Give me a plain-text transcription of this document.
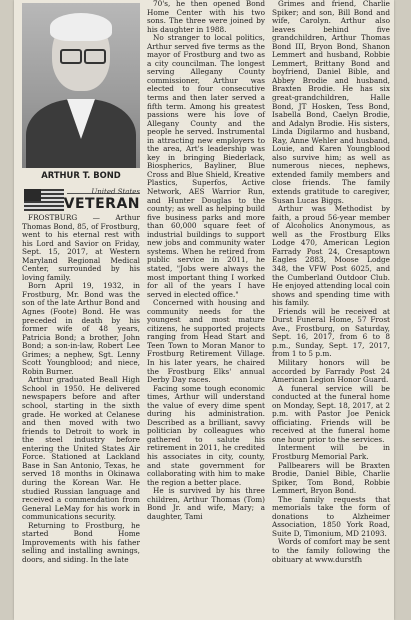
ARTHUR T. BOND
United States
VETERAN

FROSTBURG — Arthur Thomas Bond, 85, of Frostburg, went to his eternal rest with his Lord and Savior on Friday, Sept. 15, 2017, at Western Maryland Regional Medical Center, surrounded by his loving family.

Born April 19, 1932, in Frostburg, Mr. Bond was the son of the late Arthur Bond and Agnes (Foote) Bond. He was preceded in death by his former wife of 48 years, Patricia Bond; a brother, John Bond; a son-in-law, Robert Lee Grimes; a nephew, Sgt. Lenny Scott Youngblood; and niece, Robin Burner.

Arthur graduated Beall High School in 1950. He delivered newspapers before and after school, starting in the sixth grade. He worked at Celanese and then moved with two friends to Detroit to work in the steel industry before entering the United States Air Force. Stationed at Lackland Base in San Antonio, Texas, he served 18 months in Okinawa during the Korean War. He studied Russian language and received a commendation from General LeMay for his work in communications security.

Returning to Frostburg, he started Bond Home Improvements with his father selling and installing awnings, doors, and siding. In the late

70's, he then opened Bond Home Center with his two sons. The three were joined by his daughter in 1988.

No stranger to local politics, Arthur served five terms as the mayor of Frostburg and two as a city councilman. The longest serving Allegany County commissioner, Arthur was elected to four consecutive terms and then later served a fifth term. Among his greatest passions were his love of Allegany County and the people he served. Instrumental in attracting new employers to the area, Art's leadership was key in bringing Biederlack, Biospherics, Bayliner, Blue Cross and Blue Shield, Kreative Plastics, Superfos, Active Network, AES Warrior Run, and Hunter Douglas to the county; as well as helping build five business parks and more than 60,000 square feet of industrial buildings to support new jobs and community water systems. When he retired from public service in 2011, he stated, "Jobs were always the most important thing I worked for all of the years I have served in elected office."

Concerned with housing and community needs for the youngest and most mature citizens, he supported projects ranging from Head Start and Teen Town to Moran Manor to Frostburg Retirement Village. In his later years, he chaired the Frostburg Elks' annual Derby Day races.

Facing some tough economic times, Arthur will understand the value of every dime spent during his administration. Described as a brilliant, savvy politician by colleagues who gathered to salute his retirement in 2011, he credited his associates in city, county, and state government for collaborating with him to make the region a better place.

He is survived by his three children, Arthur Thomas (Tom) Bond Jr. and wife, Mary; a daughter, Tami

Grimes and friend, Charlie Spiker; and son, Bill Bond and wife, Carolyn. Arthur also leaves behind five grandchildren, Arthur Thomas Bond III, Bryon Bond, Shanon Lemmert and husband, Robbie Lemmert, Brittany Bond and boyfriend, Daniel Bible, and Abbey Brodie and husband, Braxten Brodie. He has six great-grandchildren, Halle Bond, JT Hosken, Tess Bond, Isabella Bond, Caelyn Brodie, and Adalyn Brodie. His sisters, Linda Digilarmo and husband, Ray, Anne Wehler and husband, Louie, and Karen Youngblood also survive him; as well as numerous nieces, nephews, extended family members and close friends. The family extends gratitude to caregiver, Susan Lucas Biggs.

Arthur was Methodist by faith, a proud 56-year member of Alcoholics Anonymous, as well as the Frostburg Elks Lodge 470, American Legion Farrady Post 24, Cresaptown Eagles 2883, Moose Lodge 348, the VFW Post 6025, and the Cumberland Outdoor Club. He enjoyed attending local coin shows and spending time with his family.

Friends will be received at Durst Funeral Home, 57 Frost Ave., Frostburg, on Saturday, Sept. 16, 2017, from 6 to 8 p.m., Sunday, Sept. 17, 2017, from 1 to 5 p.m.

Military honors will be accorded by Farrady Post 24 American Legion Honor Guard.

A funeral service will be conducted at the funeral home on Monday, Sept. 18, 2017, at 2 p.m. with Pastor Joe Penick officiating. Friends will be received at the funeral home one hour prior to the services.

Interment will be in Frostburg Memorial Park.

Pallbearers will be Braxten Brodie, Daniel Bible, Charlie Spiker, Tom Bond, Robbie Lemmert, Bryon Bond.

The family requests that memorials take the form of donations to Alzheimer Association, 1850 York Road, Suite D, Timonium, MD 21093.

Words of comfort may be sent to the family following the obituary at www.durstfh
